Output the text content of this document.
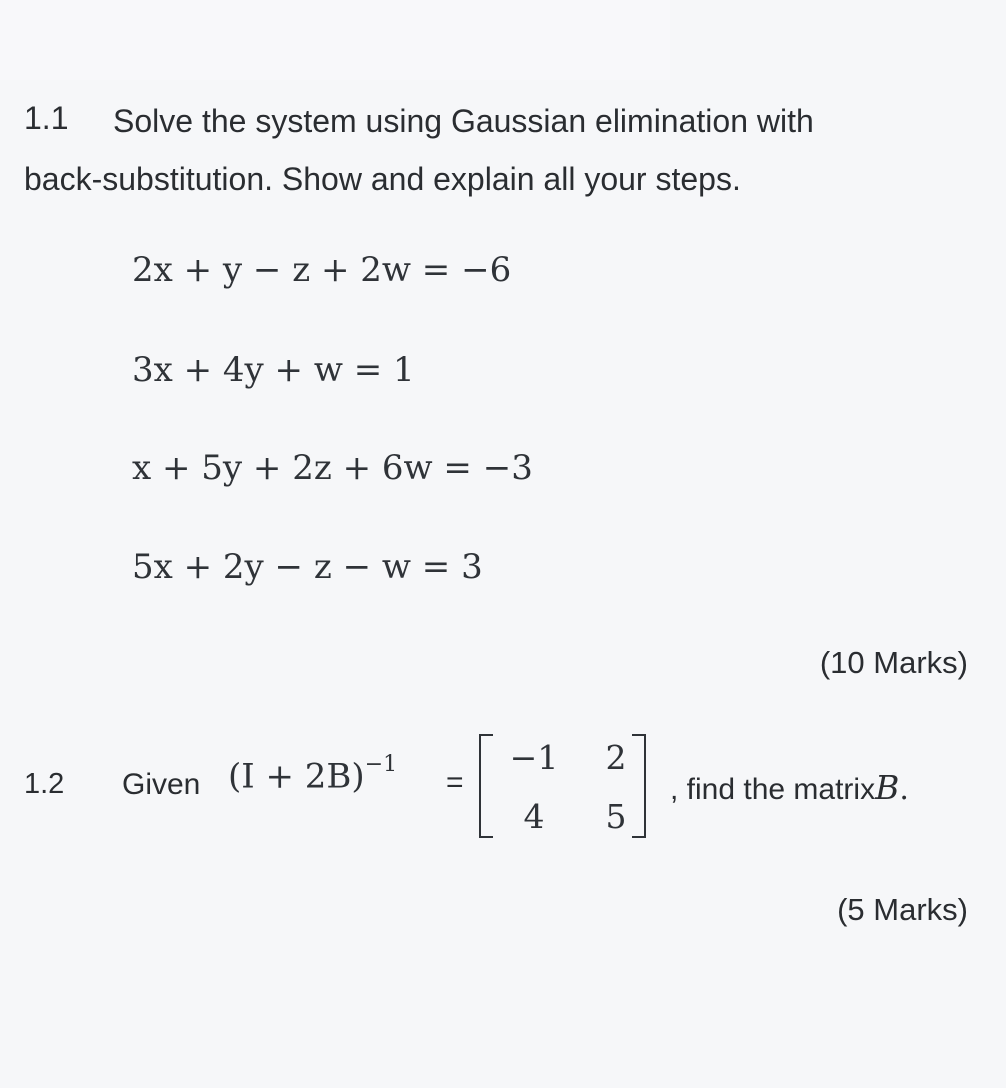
1.1 Solve the system using Gaussian elimination with
back-substitution. Show and explain all your steps.
2x + y − z + 2w = −6
3x + 4y + w = 1
x + 5y + 2z + 6w = −3
5x + 2y − z − w = 3
(10 Marks)
1.2 Given $(I + 2B)^{-1}$
=
−1	2
4	5
, find the matrixB.
(5 Marks)
